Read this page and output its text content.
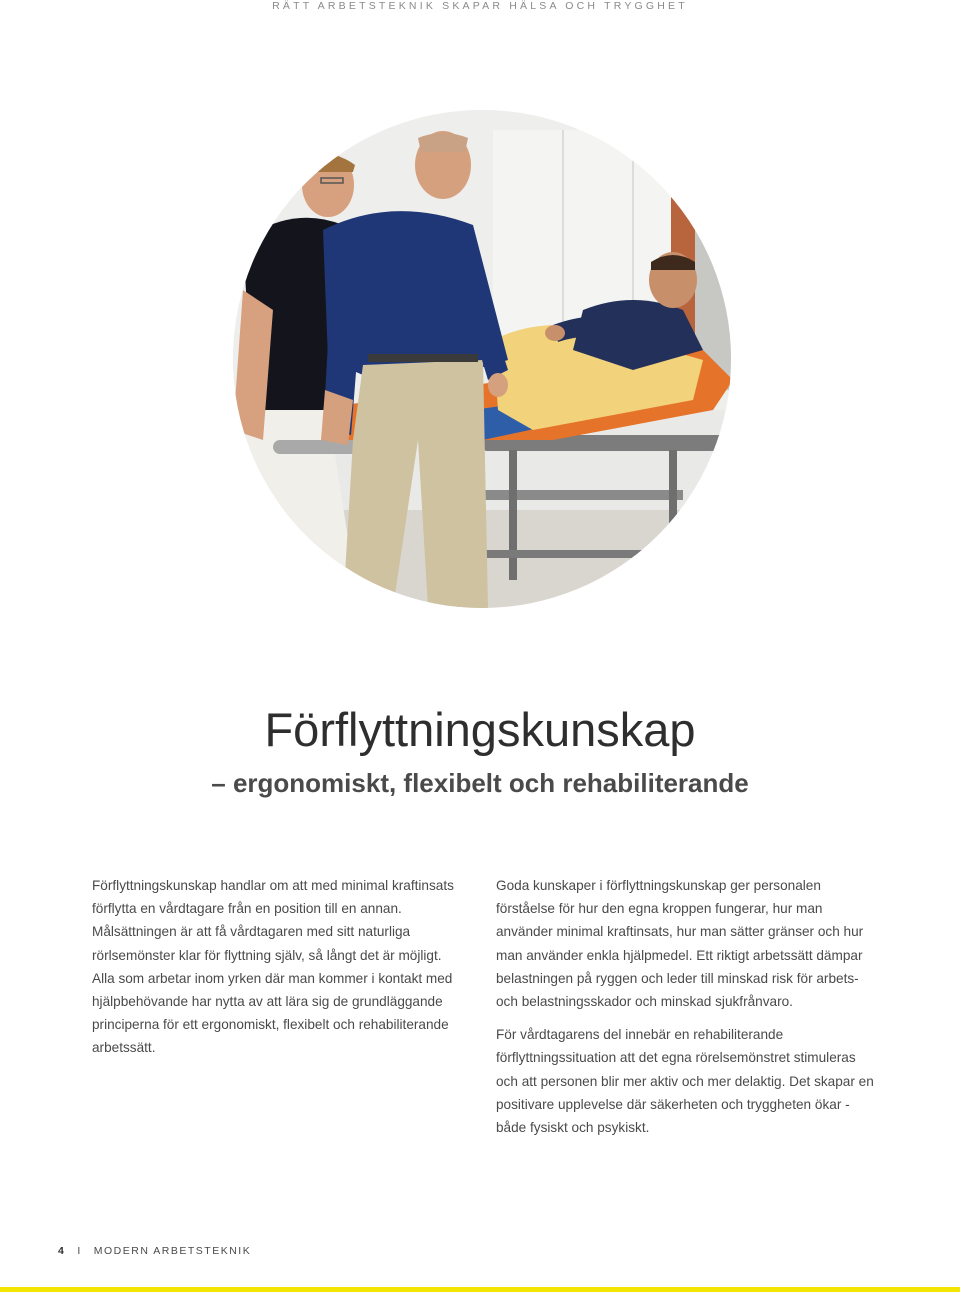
RÄTT ARBETSTEKNIK SKAPAR HÄLSA OCH TRYGGHET
Förflyttningskunskap
– ergonomiskt, flexibelt och rehabiliterande

Förflyttningskunskap handlar om att med minimal kraftinsats förflytta en vårdtagare från en position till en annan. Målsättningen är att få vårdtagaren med sitt naturliga rörlsemönster klar för flyttning själv, så långt det är möjligt. Alla som arbetar inom yrken där man kommer i kontakt med hjälpbehövande har nytta av att lära sig de grundläggande principerna för ett ergonomiskt, flexibelt och rehabiliterande arbetssätt.

Goda kunskaper i förflyttningskunskap ger personalen förståelse för hur den egna kroppen fungerar, hur man använder minimal kraftinsats, hur man sätter gränser och hur man använder enkla hjälpmedel. Ett riktigt arbetssätt dämpar belastningen på ryggen och leder till minskad risk för arbets- och belastningsskador och minskad sjukfrånvaro.

För vårdtagarens del innebär en rehabiliterande förflyttningssituation att det egna rörelsemönstret stimuleras och att personen blir mer aktiv och mer delaktig. Det skapar en positivare upplevelse där säkerheten och tryggheten ökar - både fysiskt och psykiskt.

4 I MODERN ARBETSTEKNIK
